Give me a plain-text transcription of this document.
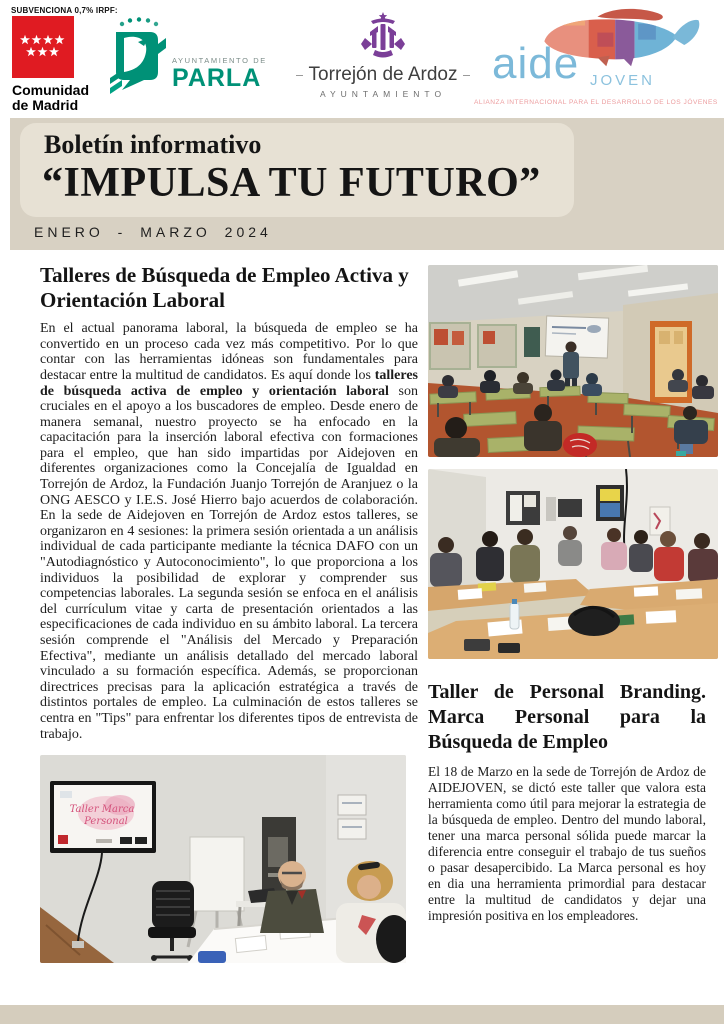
SUBVENCIONA 0,7% IRPF:
Comunidad
de Madrid
AYUNTAMIENTO DE
PARLA Torrejón de Ardoz
AYUNTAMIENTO
aide JOVEN
ALIANZA INTERNACIONAL PARA EL DESARROLLO DE LOS JÓVENES
Boletín informativo
“IMPULSA TU FUTURO”
ENERO - MARZO 2024
Talleres de Búsqueda de Empleo Activa y Orientación Laboral

En el actual panorama laboral, la búsqueda de empleo se ha convertido en un proceso cada vez más competitivo. Por lo que contar con las herramientas idóneas son fundamentales para destacar entre la multitud de candidatos. Es aquí donde los talleres de búsqueda activa de empleo y orientación laboral son cruciales en el apoyo a los buscadores de empleo. Desde enero de manera semanal, nuestro proyecto se ha enfocado en la capacitación para la inserción laboral efectiva con formaciones para el empleo, que han sido impartidas por Aidejoven en diferentes organizaciones como la Concejalía de Igualdad en Torrejón de Ardoz, la Fundación Juanjo Torrejón de Aranjuez o la ONG AESCO y I.E.S. José Hierro bajo acuerdos de colaboración. En la sede de Aidejoven en Torrejón de Ardoz estos talleres, se organizaron en 4 sesiones: la primera sesión orientada a un análisis individual de cada participante mediante la técnica DAFO con un "Autodiagnóstico y Autoconocimiento", lo que proporciona a los individuos la posibilidad de explorar y comprender sus competencias laborales. La segunda sesión se enfoca en el análisis del currículum vitae y carta de presentación orientados a las especificaciones de cada individuo en su ámbito laboral. La tercera sesión comprende el "Análisis del Mercado y Preparación Efectiva", mediante un análisis detallado del mercado laboral vinculado a su formación específica. Además, se proporcionan directrices precisas para la aplicación estratégica a través de distintos portales de empleo. La culminación de estos talleres se centra en "Tips" para enfrentar los diferentes tipos de entrevista de trabajo.

Taller Marca
Personal
Taller de Personal Branding. Marca Personal para la Búsqueda de Empleo

El 18 de Marzo en la sede de Torrejón de Ardoz de AIDEJOVEN, se dictó este taller que valora esta herramienta como útil para mejorar la estrategia de la búsqueda de empleo. Dentro del mundo laboral, tener una marca personal sólida puede marcar la diferencia entre conseguir el trabajo de tus sueños o pasar desapercibido. La Marca personal es hoy en dia una herramienta primordial para destacar entre la multitud de candidatos y dejar una impresión positiva en los empleadores.
